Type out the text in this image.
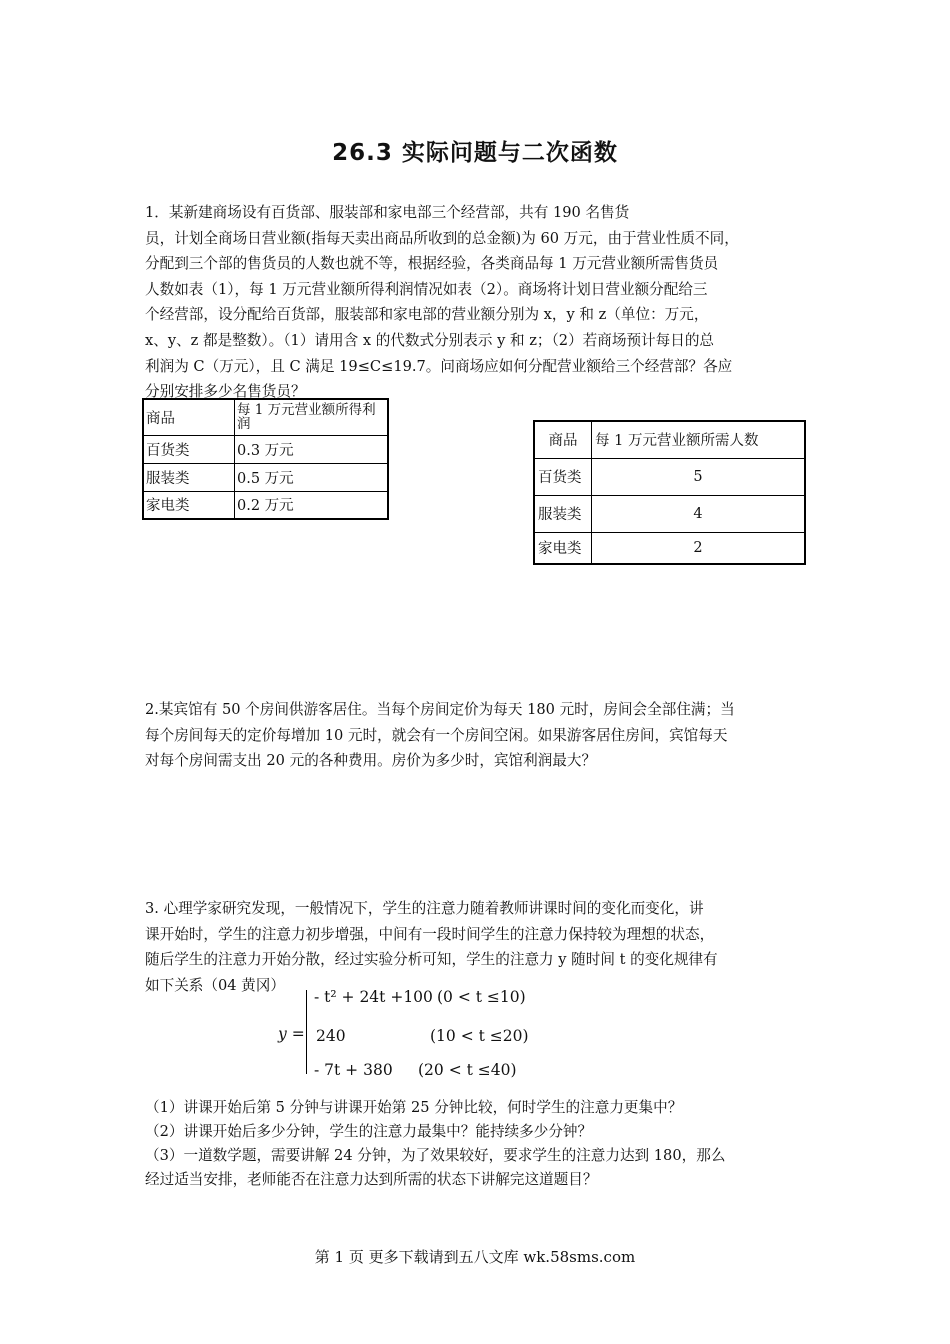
26.3 实际问题与二次函数
1．某新建商场设有百货部、服装部和家电部三个经营部，共有 190 名售货
员，计划全商场日营业额(指每天卖出商品所收到的总金额)为 60 万元，由于营业性质不同，
分配到三个部的售货员的人数也就不等，根据经验，各类商品每 1 万元营业额所需售货员
人数如表（1），每 1 万元营业额所得利润情况如表（2）。商场将计划日营业额分配给三
个经营部，设分配给百货部，服装部和家电部的营业额分别为 x，y 和 z（单位：万元，
x、y、z 都是整数）。（1）请用含 x 的代数式分别表示 y 和 z；（2）若商场预计每日的总
利润为 C（万元），且 C 满足 19≤C≤19.7。问商场应如何分配营业额给三个经营部？各应
分别安排多少名售货员？
商品	每 1 万元营业额所得利润
百货类	0.3 万元
服装类	0.5 万元
家电类	0.2 万元
商品	每 1 万元营业额所需人数
百货类	5
服装类	4
家电类	2
2.某宾馆有 50 个房间供游客居住。当每个房间定价为每天 180 元时，房间会全部住满；当
每个房间每天的定价每增加 10 元时，就会有一个房间空闲。如果游客居住房间，宾馆每天
对每个房间需支出 20 元的各种费用。房价为多少时，宾馆利润最大？
3. 心理学家研究发现，一般情况下，学生的注意力随着教师讲课时间的变化而变化，讲
课开始时，学生的注意力初步增强，中间有一段时间学生的注意力保持较为理想的状态，
随后学生的注意力开始分散，经过实验分析可知，学生的注意力 y 随时间 t 的变化规律有
如下关系（04 黄冈）
y =
- t² + 24t +100 (0 < t ≤10)
240	(10 < t ≤20)
- 7t + 380 (20 < t ≤40)
（1）讲课开始后第 5 分钟与讲课开始第 25 分钟比较，何时学生的注意力更集中？
（2）讲课开始后多少分钟，学生的注意力最集中？能持续多少分钟？
（3）一道数学题，需要讲解 24 分钟，为了效果较好，要求学生的注意力达到 180，那么
经过适当安排，老师能否在注意力达到所需的状态下讲解完这道题目？
第 1 页 更多下载请到五八文库 wk.58sms.com
